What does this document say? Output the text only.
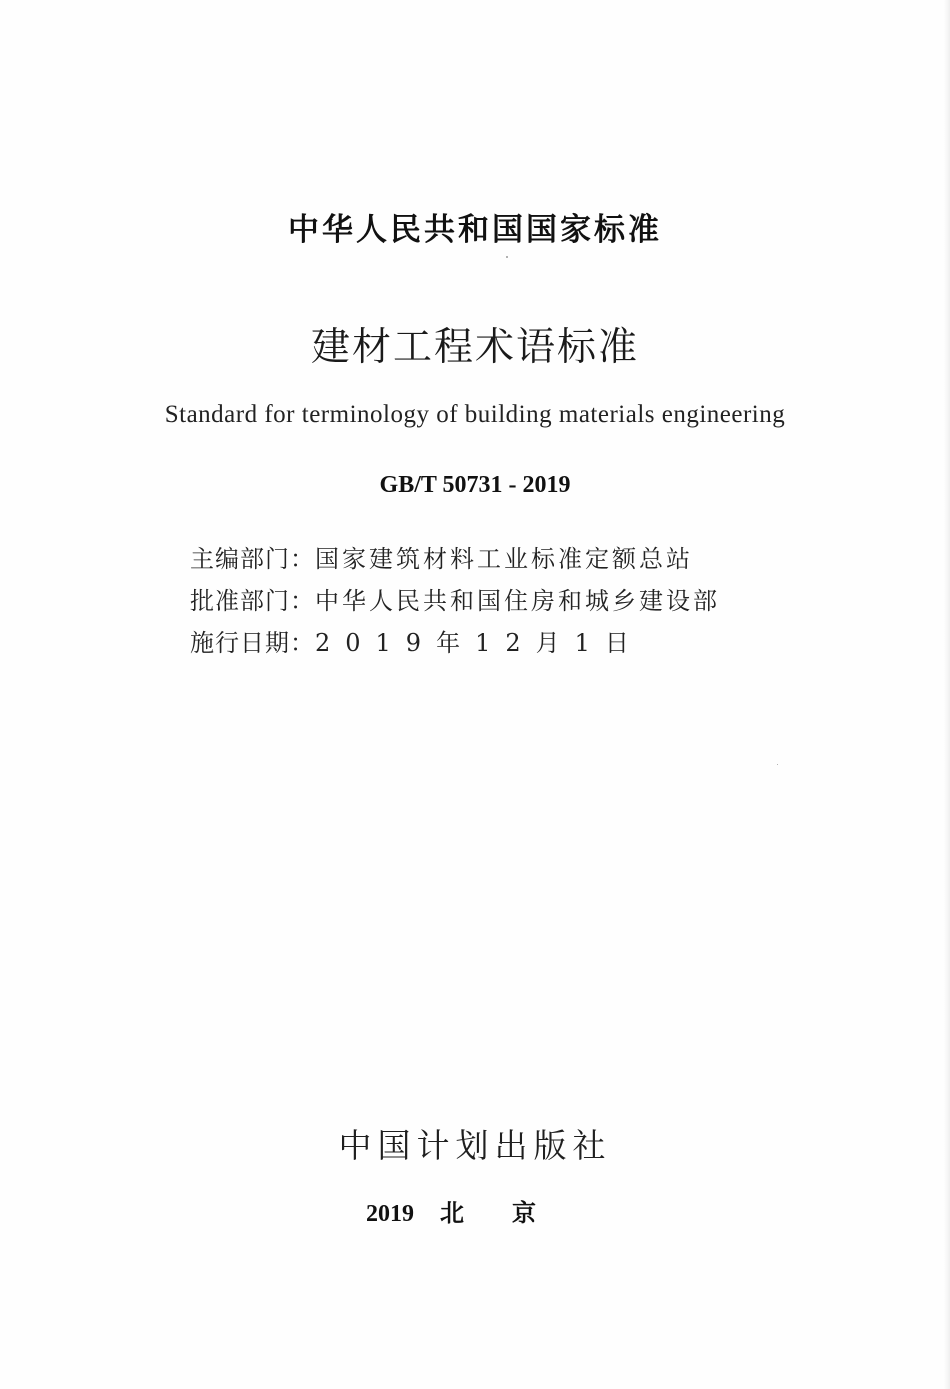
中华人民共和国国家标准
建材工程术语标准
Standard for terminology of building materials engineering
GB/T 50731 - 2019
主编部门：国家建筑材料工业标准定额总站
批准部门：中华人民共和国住房和城乡建设部
施行日期：2019年12月1日
中国计划出版社
2019 北京
